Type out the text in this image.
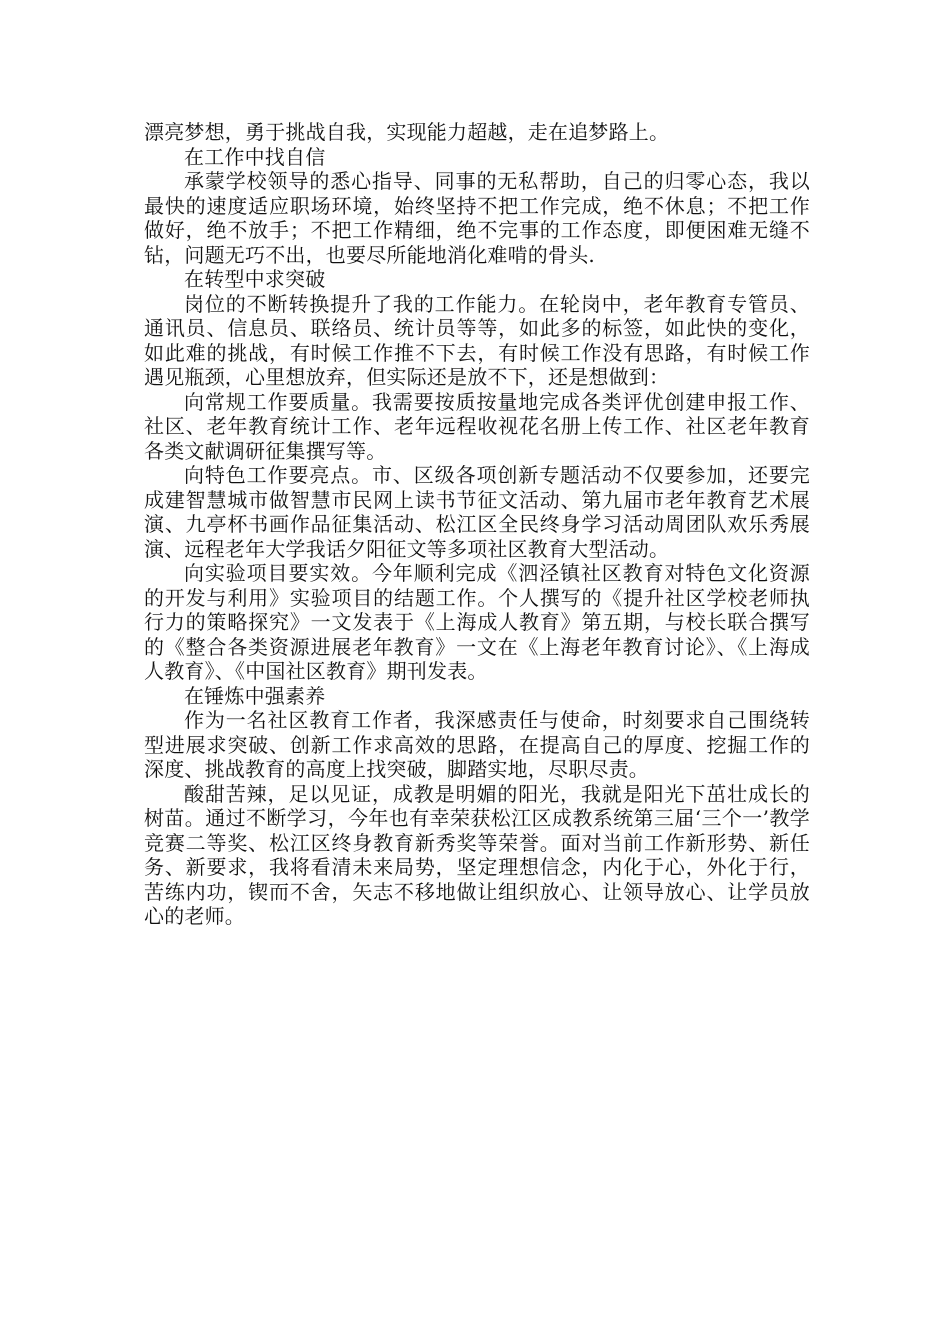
漂亮梦想，勇于挑战自我，实现能力超越，走在追梦路上。

在工作中找自信

承蒙学校领导的悉心指导、同事的无私帮助，自己的归零心态，我以最快的速度适应职场环境，始终坚持不把工作完成，绝不休息；不把工作做好，绝不放手；不把工作精细，绝不完事的工作态度，即便困难无缝不钻，问题无巧不出，也要尽所能地消化难啃的骨头.

在转型中求突破

岗位的不断转换提升了我的工作能力。在轮岗中，老年教育专管员、通讯员、信息员、联络员、统计员等等，如此多的标签，如此快的变化，如此难的挑战，有时候工作推不下去，有时候工作没有思路，有时候工作遇见瓶颈，心里想放弃，但实际还是放不下，还是想做到：

向常规工作要质量。我需要按质按量地完成各类评优创建申报工作、社区、老年教育统计工作、老年远程收视花名册上传工作、社区老年教育各类文献调研征集撰写等。

向特色工作要亮点。市、区级各项创新专题活动不仅要参加，还要完成建智慧城市做智慧市民网上读书节征文活动、第九届市老年教育艺术展演、九亭杯书画作品征集活动、松江区全民终身学习活动周团队欢乐秀展演、远程老年大学我话夕阳征文等多项社区教育大型活动。

向实验项目要实效。今年顺利完成《泗泾镇社区教育对特色文化资源的开发与利用》实验项目的结题工作。个人撰写的《提升社区学校老师执行力的策略探究》一文发表于《上海成人教育》第五期，与校长联合撰写的《整合各类资源进展老年教育》一文在《上海老年教育讨论》、《上海成人教育》、《中国社区教育》期刊发表。

在锤炼中强素养

作为一名社区教育工作者，我深感责任与使命，时刻要求自己围绕转型进展求突破、创新工作求高效的思路，在提高自己的厚度、挖掘工作的深度、挑战教育的高度上找突破，脚踏实地，尽职尽责。

酸甜苦辣，足以见证，成教是明媚的阳光，我就是阳光下茁壮成长的树苗。通过不断学习，今年也有幸荣获松江区成教系统第三届‘三个一’教学竞赛二等奖、松江区终身教育新秀奖等荣誉。面对当前工作新形势、新任务、新要求，我将看清未来局势，坚定理想信念，内化于心，外化于行，苦练内功，锲而不舍，矢志不移地做让组织放心、让领导放心、让学员放心的老师。
